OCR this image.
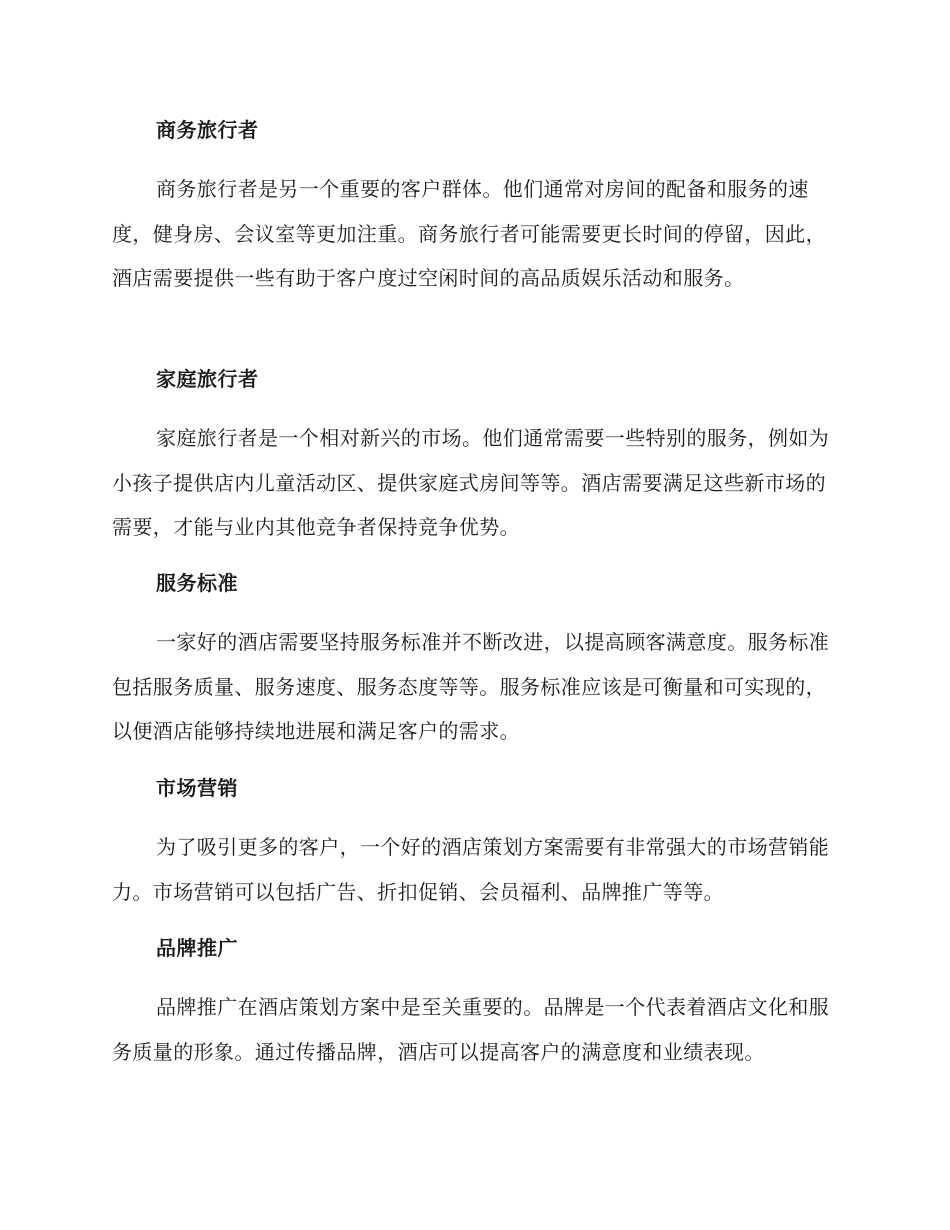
商务旅行者

商务旅行者是另一个重要的客户群体。他们通常对房间的配备和服务的速度，健身房、会议室等更加注重。商务旅行者可能需要更长时间的停留，因此，酒店需要提供一些有助于客户度过空闲时间的高品质娱乐活动和服务。

家庭旅行者

家庭旅行者是一个相对新兴的市场。他们通常需要一些特别的服务，例如为小孩子提供店内儿童活动区、提供家庭式房间等等。酒店需要满足这些新市场的需要，才能与业内其他竞争者保持竞争优势。

服务标准

一家好的酒店需要坚持服务标准并不断改进，以提高顾客满意度。服务标准包括服务质量、服务速度、服务态度等等。服务标准应该是可衡量和可实现的，以便酒店能够持续地进展和满足客户的需求。

市场营销

为了吸引更多的客户，一个好的酒店策划方案需要有非常强大的市场营销能力。市场营销可以包括广告、折扣促销、会员福利、品牌推广等等。

品牌推广

品牌推广在酒店策划方案中是至关重要的。品牌是一个代表着酒店文化和服务质量的形象。通过传播品牌，酒店可以提高客户的满意度和业绩表现。
